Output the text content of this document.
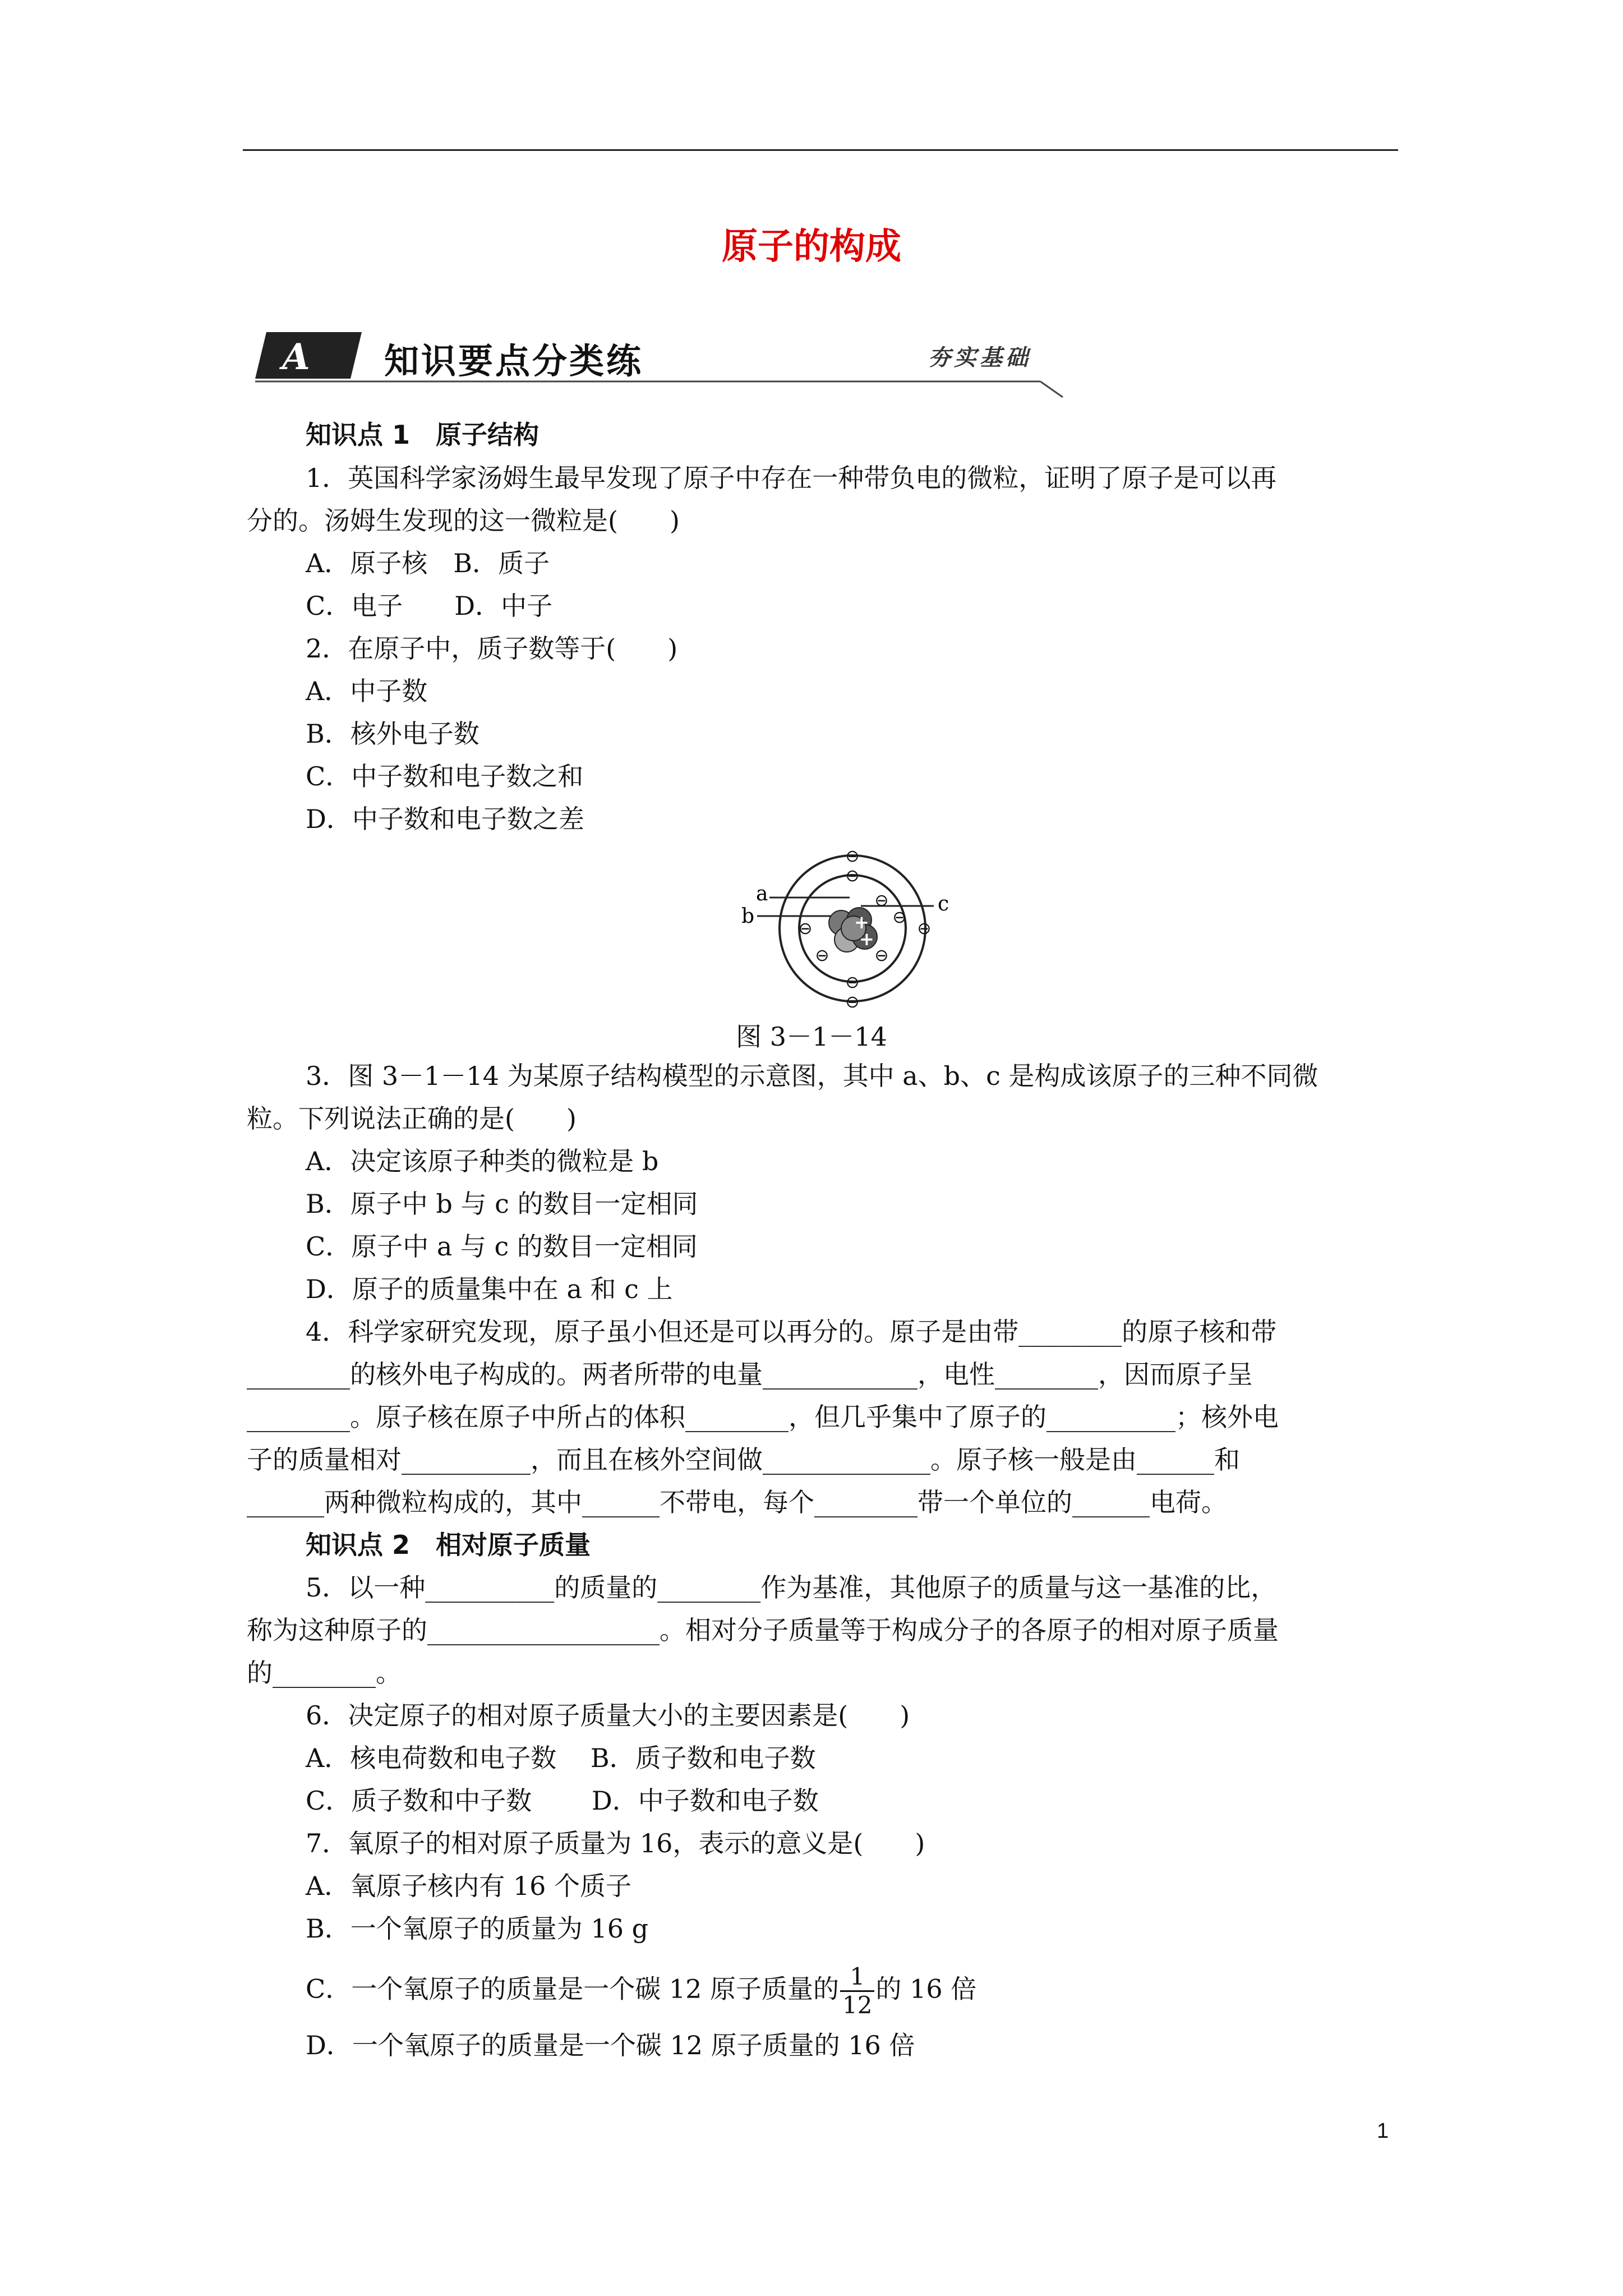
原子的构成
A 知识要点分类练	夯实基础
知识点 1　原子结构
1．英国科学家汤姆生最早发现了原子中存在一种带负电的微粒，证明了原子是可以再
分的。汤姆生发现的这一微粒是(　　)
A．原子核　B．质子
C．电子　　D．中子
2．在原子中，质子数等于(　　)
A．中子数
B．核外电子数
C．中子数和电子数之和
D．中子数和电子数之差
a
b
c
+
+
⊖
⊖
⊖
⊖
⊖
⊖
⊖
⊖	⊖
⊖
图 3－1－14
3．图 3－1－14 为某原子结构模型的示意图，其中 a、b、c 是构成该原子的三种不同微
粒。下列说法正确的是(　　)
A．决定该原子种类的微粒是 b
B．原子中 b 与 c 的数目一定相同
C．原子中 a 与 c 的数目一定相同
D．原子的质量集中在 a 和 c 上
4．科学家研究发现，原子虽小但还是可以再分的。原子是由带________的原子核和带
________的核外电子构成的。两者所带的电量____________，电性________，因而原子呈
________。原子核在原子中所占的体积________，但几乎集中了原子的__________；核外电
子的质量相对__________，而且在核外空间做_____________。原子核一般是由______和
______两种微粒构成的，其中______不带电，每个________带一个单位的______电荷。
知识点 2　相对原子质量
5．以一种__________的质量的________作为基准，其他原子的质量与这一基准的比，
称为这种原子的__________________。相对分子质量等于构成分子的各原子的相对原子质量
的________。
6．决定原子的相对原子质量大小的主要因素是(　　)
A．核电荷数和电子数　 B．质子数和电子数
C．质子数和中子数　　 D．中子数和电子数
7．氧原子的相对原子质量为 16，表示的意义是(　　)
A．氧原子核内有 16 个质子
B．一个氧原子的质量为 16 g
C．一个氧原子的质量是一个碳 12 原子质量的 $\frac{1}{12}$ 的 16 倍
D．一个氧原子的质量是一个碳 12 原子质量的 16 倍
1
